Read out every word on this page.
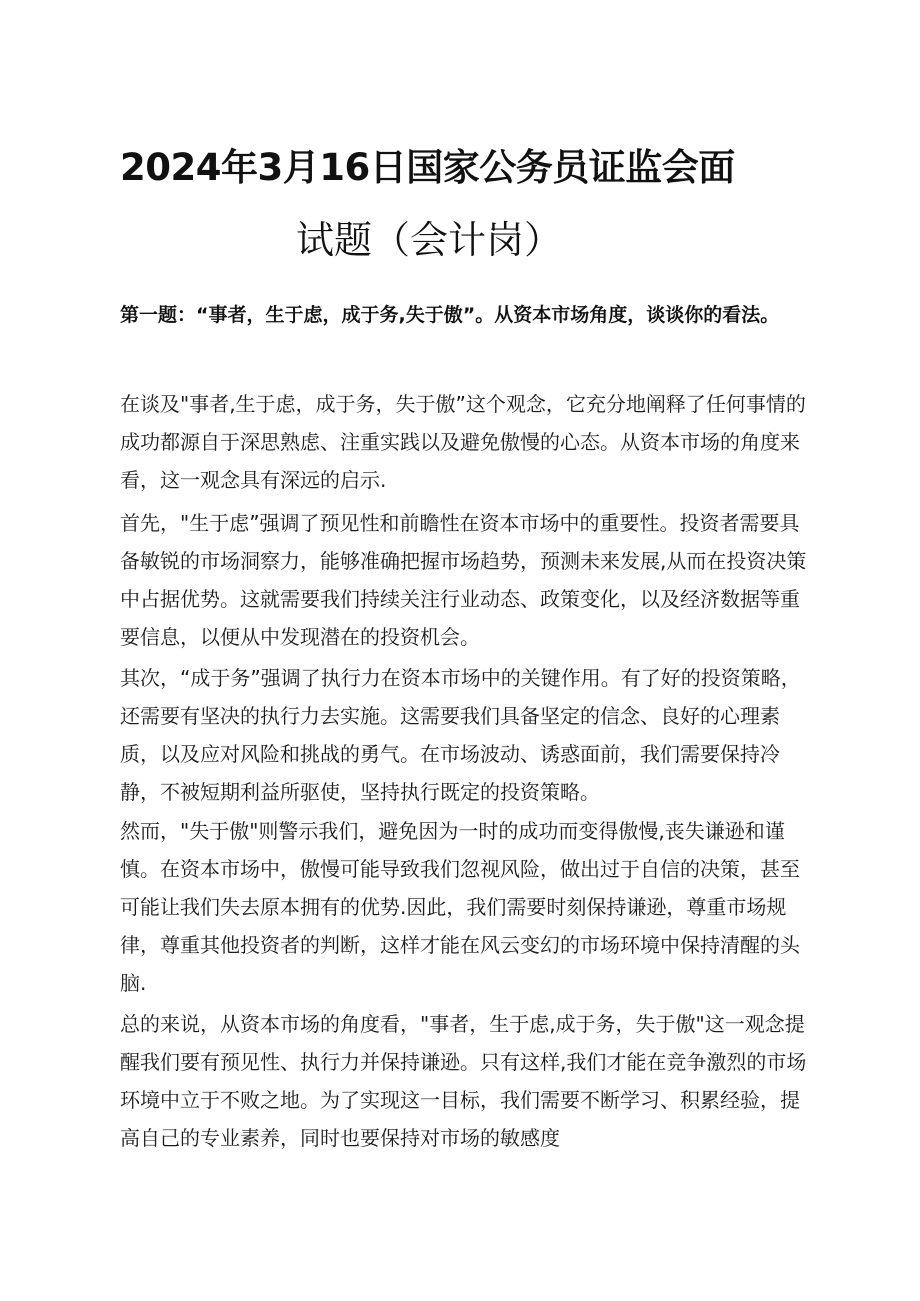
2024年3月16日国家公务员证监会面
试题（会计岗）
第一题：“事者，生于虑，成于务,失于傲”。从资本市场角度，谈谈你的看法。
在谈及"事者,生于虑，成于务，失于傲”这个观念，它充分地阐释了任何事情的成功都源自于深思熟虑、注重实践以及避免傲慢的心态。从资本市场的角度来看，这一观念具有深远的启示.
首先，"生于虑”强调了预见性和前瞻性在资本市场中的重要性。投资者需要具备敏锐的市场洞察力，能够准确把握市场趋势，预测未来发展,从而在投资决策中占据优势。这就需要我们持续关注行业动态、政策变化，以及经济数据等重要信息，以便从中发现潜在的投资机会。
其次，“成于务”强调了执行力在资本市场中的关键作用。有了好的投资策略，还需要有坚决的执行力去实施。这需要我们具备坚定的信念、良好的心理素质，以及应对风险和挑战的勇气。在市场波动、诱惑面前，我们需要保持冷静，不被短期利益所驱使，坚持执行既定的投资策略。
然而，"失于傲"则警示我们，避免因为一时的成功而变得傲慢,丧失谦逊和谨慎。在资本市场中，傲慢可能导致我们忽视风险，做出过于自信的决策，甚至可能让我们失去原本拥有的优势.因此，我们需要时刻保持谦逊，尊重市场规律，尊重其他投资者的判断，这样才能在风云变幻的市场环境中保持清醒的头脑.
总的来说，从资本市场的角度看，"事者，生于虑,成于务，失于傲"这一观念提醒我们要有预见性、执行力并保持谦逊。只有这样,我们才能在竞争激烈的市场环境中立于不败之地。为了实现这一目标，我们需要不断学习、积累经验，提高自己的专业素养，同时也要保持对市场的敏感度
